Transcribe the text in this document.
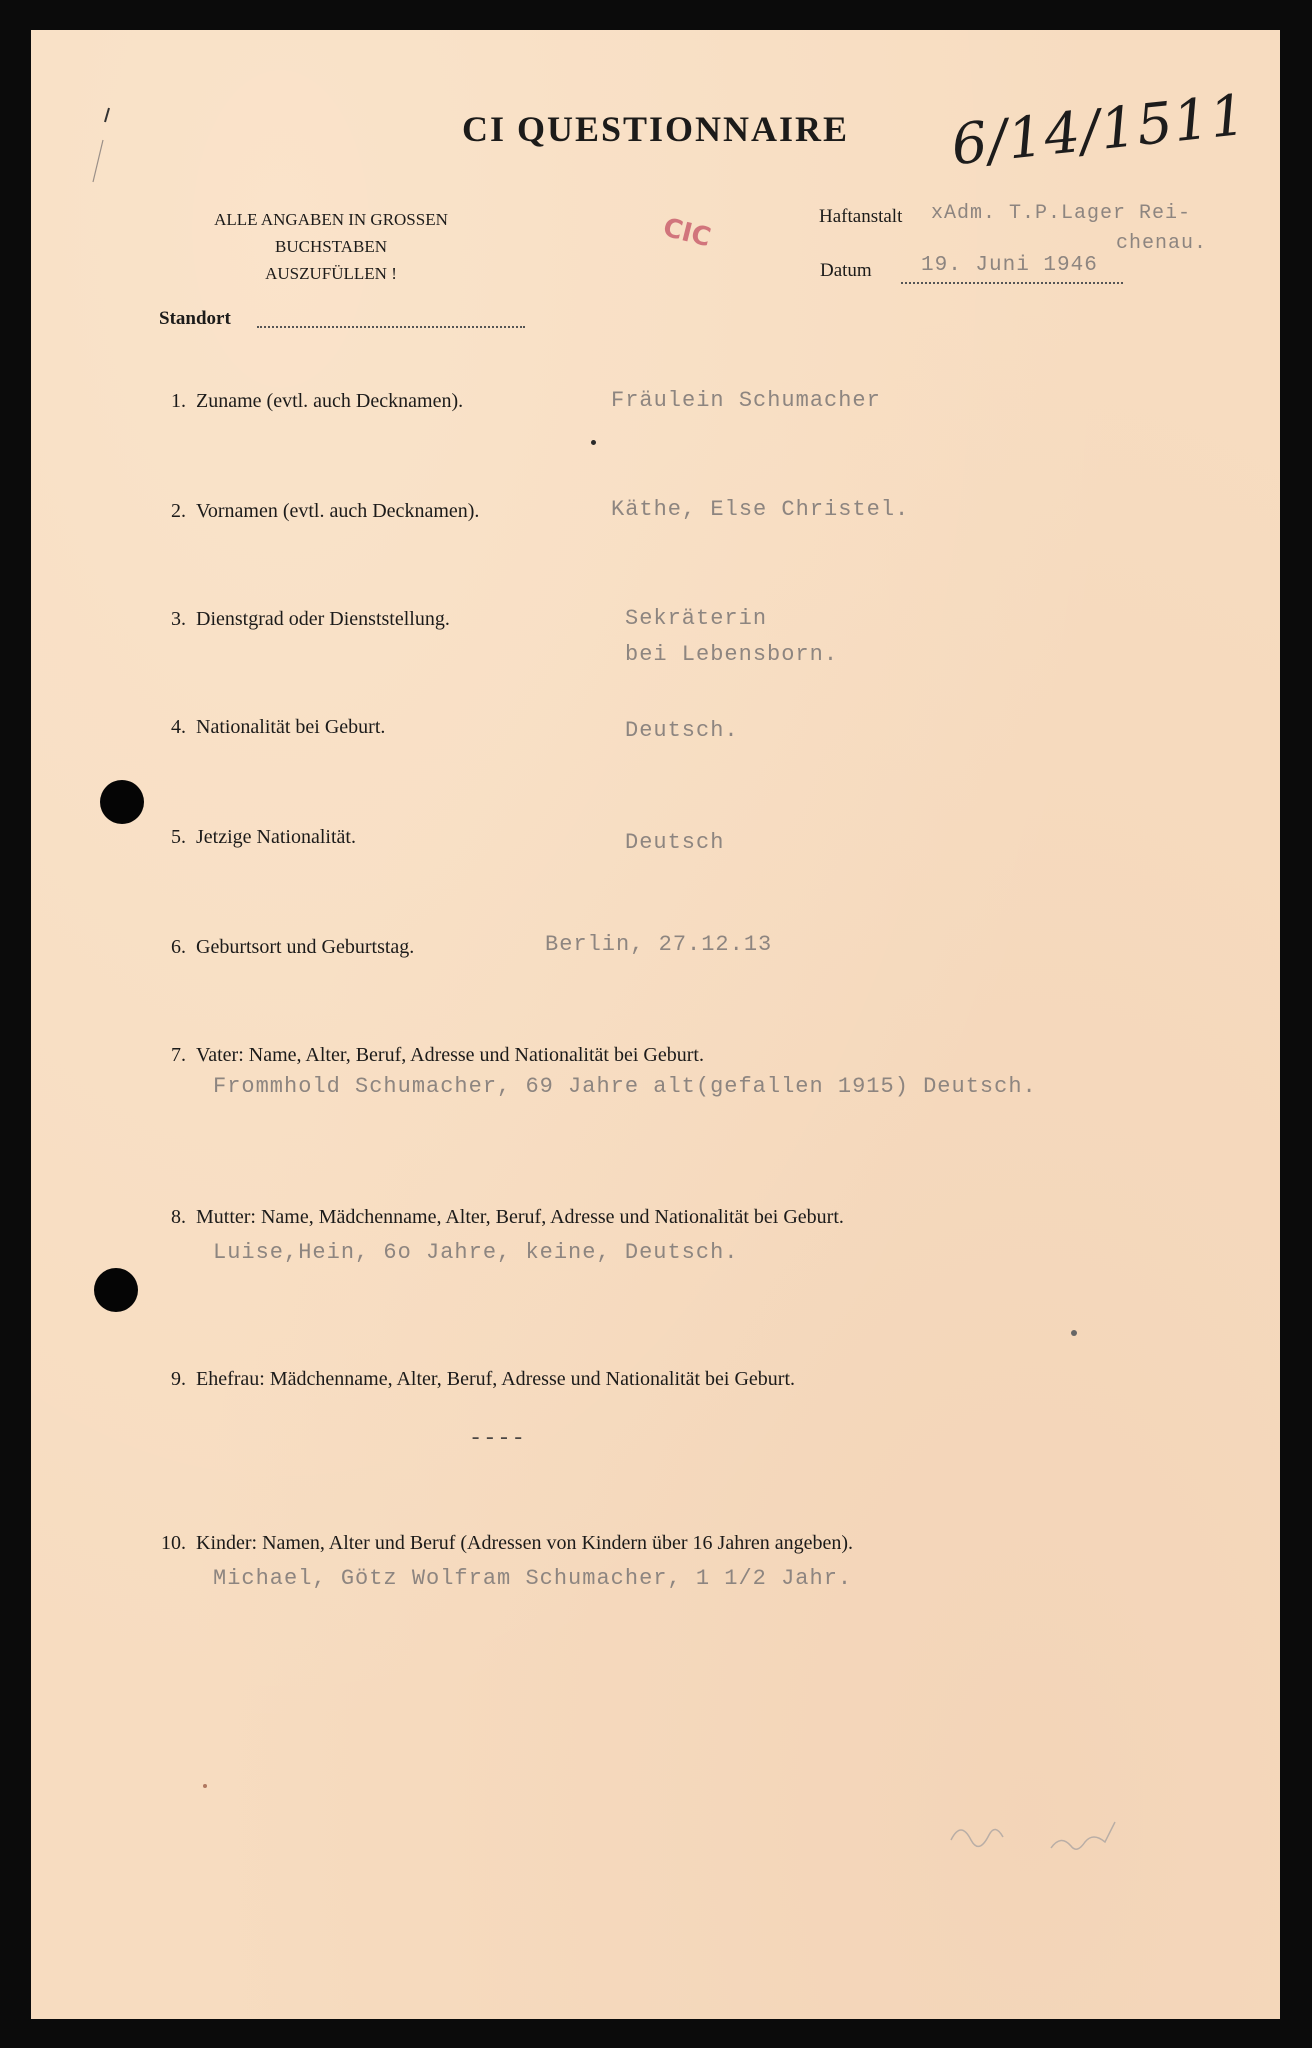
CI QUESTIONNAIRE	6/14/1511
ALLE ANGABEN IN GROSSEN BUCHSTABEN
AUSZUFÜLLEN !
CIC	Haftanstalt xAdm. T.P.Lager Rei-
chenau.
Datum 19. Juni 1946
Standort
1. Zuname (evtl. auch Decknamen).	Fräulein Schumacher
2. Vornamen (evtl. auch Decknamen).	Käthe, Else Christel.
3. Dienstgrad oder Dienststellung.	Sekräterin
bei Lebensborn.
4. Nationalität bei Geburt.	Deutsch.
5. Jetzige Nationalität.	Deutsch
6. Geburtsort und Geburtstag.	Berlin, 27.12.13
7. Vater: Name, Alter, Beruf, Adresse und Nationalität bei Geburt.
Frommhold Schumacher, 69 Jahre alt(gefallen 1915) Deutsch.
8. Mutter: Name, Mädchenname, Alter, Beruf, Adresse und Nationalität bei Geburt.
Luise,Hein, 6o Jahre, keine, Deutsch.
9. Ehefrau: Mädchenname, Alter, Beruf, Adresse und Nationalität bei Geburt.
----
10. Kinder: Namen, Alter und Beruf (Adressen von Kindern über 16 Jahren angeben).
Michael, Götz Wolfram Schumacher, 1 1/2 Jahr.
